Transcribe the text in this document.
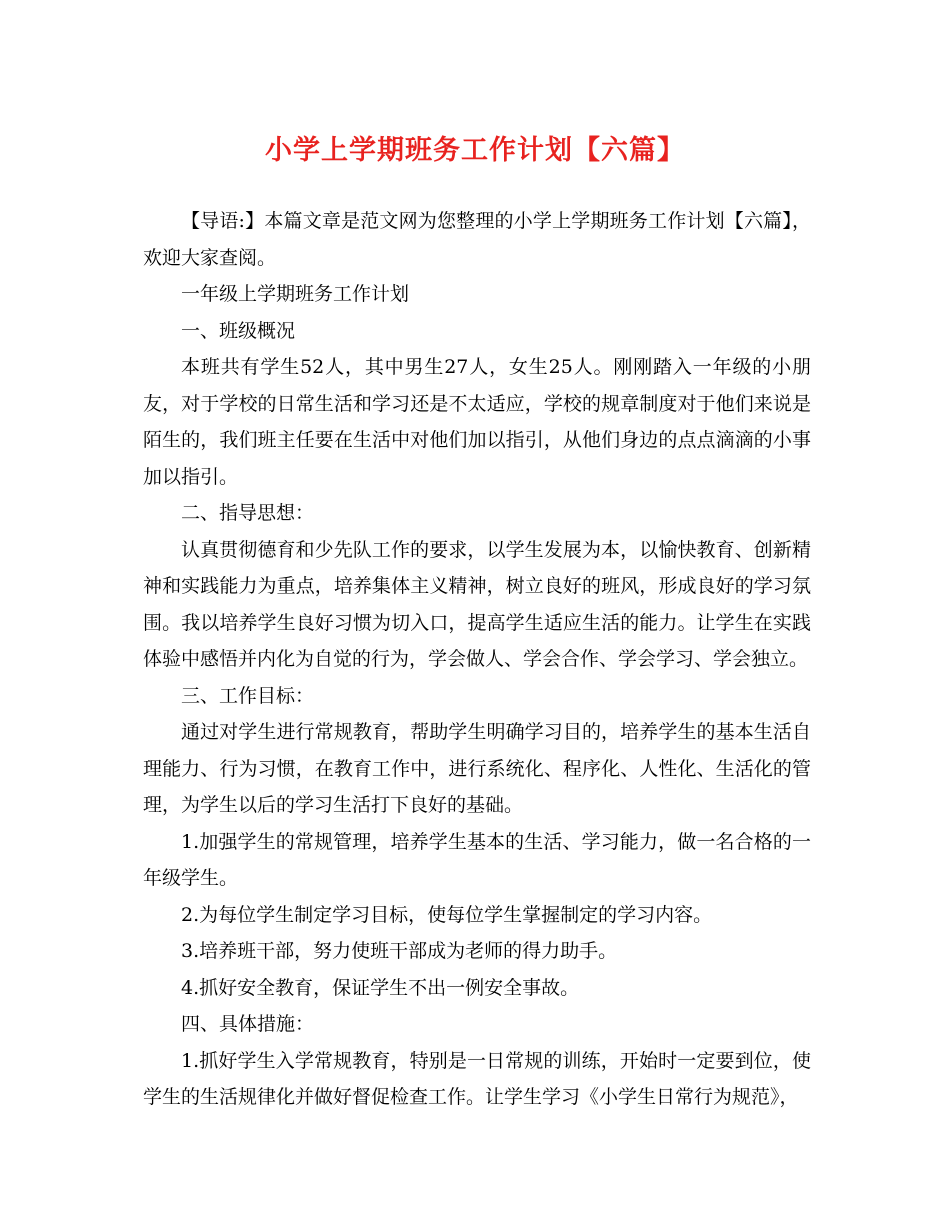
小学上学期班务工作计划【六篇】

【导语:】本篇文章是范文网为您整理的小学上学期班务工作计划【六篇】，欢迎大家查阅。

一年级上学期班务工作计划

一、班级概况

本班共有学生52人，其中男生27人，女生25人。刚刚踏入一年级的小朋友，对于学校的日常生活和学习还是不太适应，学校的规章制度对于他们来说是陌生的，我们班主任要在生活中对他们加以指引，从他们身边的点点滴滴的小事加以指引。

二、指导思想：

认真贯彻德育和少先队工作的要求，以学生发展为本，以愉快教育、创新精神和实践能力为重点，培养集体主义精神，树立良好的班风，形成良好的学习氛围。我以培养学生良好习惯为切入口，提高学生适应生活的能力。让学生在实践体验中感悟并内化为自觉的行为，学会做人、学会合作、学会学习、学会独立。

三、工作目标：

通过对学生进行常规教育，帮助学生明确学习目的，培养学生的基本生活自理能力、行为习惯，在教育工作中，进行系统化、程序化、人性化、生活化的管理，为学生以后的学习生活打下良好的基础。

1.加强学生的常规管理，培养学生基本的生活、学习能力，做一名合格的一年级学生。

2.为每位学生制定学习目标，使每位学生掌握制定的学习内容。

3.培养班干部，努力使班干部成为老师的得力助手。

4.抓好安全教育，保证学生不出一例安全事故。

四、具体措施：

1.抓好学生入学常规教育，特别是一日常规的训练，开始时一定要到位，使学生的生活规律化并做好督促检查工作。让学生学习《小学生日常行为规范》，
